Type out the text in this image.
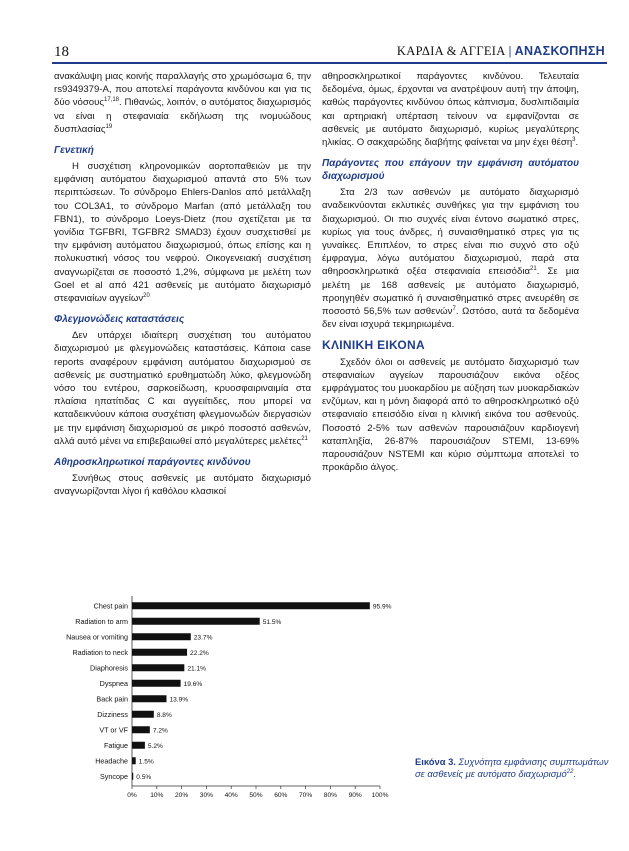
18	ΚΑΡΔΙΑ & ΑΓΓΕΙΑ | ΑΝΑΣΚΟΠΗΣΗ

ανακάλυψη μιας κοινής παραλλαγής στο χρωμόσωμα 6, την rs9349379-A, που αποτελεί παράγοντα κινδύνου και για τις δύο νόσους$^{17,18}$. Πιθανώς, λοιπόν, ο αυτόματος διαχωρισμός να είναι η στεφανιαία εκδήλωση της ινομυώδους δυσπλασίας$^{19}$

Γενετική

Η συσχέτιση κληρονομικών αορτοπαθειών με την εμφάνιση αυτόματου διαχωρισμού απαντά στο 5% των περιπτώσεων. Το σύνδρομο Ehlers-Danlos από μετάλλαξη του COL3A1, το σύνδρομο Marfan (από μετάλλαξη του FBN1), το σύνδρομο Loeys-Dietz (που σχετίζεται με τα γονίδια TGFBRI, TGFBR2 SMAD3) έχουν συσχετισθεί με την εμφάνιση αυτόματου διαχωρισμού, όπως επίσης και η πολυκυστική νόσος του νεφρού. Οικογενειακή συσχέτιση αναγνωρίζεται σε ποσοστό 1,2%, σύμφωνα με μελέτη των Goel et al από 421 ασθενείς με αυτόματο διαχωρισμό στεφανιαίων αγγείων$^{20}$

Φλεγμονώδεις καταστάσεις

Δεν υπάρχει ιδιαίτερη συσχέτιση του αυτόματου διαχωρισμού με φλεγμονώδεις καταστάσεις. Κάποια case reports αναφέρουν εμφάνιση αυτόματου διαχωρισμού σε ασθενείς με συστηματικό ερυθηματώδη λύκο, φλεγμονώδη νόσο του εντέρου, σαρκοείδωση, κρυοσφαιριναιμία στα πλαίσια ηπατίτιδας C και αγγειίτιδες, που μπορεί να καταδεικνύουν κάποια συσχέτιση φλεγμονωδών διεργασιών με την εμφάνιση διαχωρισμού σε μικρό ποσοστό ασθενών, αλλά αυτό μένει να επιβεβαιωθεί από μεγαλύτερες μελέτες$^{21}$

Αθηροσκληρωτικοί παράγοντες κινδύνου

Συνήθως στους ασθενείς με αυτόματο διαχωρισμό αναγνωρίζονται λίγοι ή καθόλου κλασικοί

αθηροσκληρωτικοί παράγοντες κινδύνου. Τελευταία δεδομένα, όμως, έρχονται να ανατρέψουν αυτή την άποψη, καθώς παράγοντες κινδύνου όπως κάπνισμα, δυσλιπιδαιμία και αρτηριακή υπέρταση τείνουν να εμφανίζονται σε ασθενείς με αυτόματο διαχωρισμό, κυρίως μεγαλύτερης ηλικίας. Ο σακχαρώδης διαβήτης φαίνεται να μην έχει θέση$^3$.

Παράγοντες που επάγουν την εμφάνιση αυτόματου διαχωρισμού

Στα 2/3 των ασθενών με αυτόματο διαχωρισμό αναδεικνύονται εκλυτικές συνθήκες για την εμφάνιση του διαχωρισμού. Οι πιο συχνές είναι έντονο σωματικό στρες, κυρίως για τους άνδρες, ή συναισθηματικό στρες για τις γυναίκες. Επιπλέον, το στρες είναι πιο συχνό στο οξύ έμφραγμα, λόγω αυτόματου διαχωρισμού, παρά στα αθηροσκληρωτικά οξέα στεφανιαία επεισόδια$^{21}$. Σε μια μελέτη με 168 ασθενείς με αυτόματο διαχωρισμό, προηγηθέν σωματικό ή συναισθηματικό στρες ανευρέθη σε ποσοστό 56,5% των ασθενών$^7$. Ωστόσο, αυτά τα δεδομένα δεν είναι ισχυρά τεκμηριωμένα.

ΚΛΙΝΙΚΗ ΕΙΚΟΝΑ

Σχεδόν όλοι οι ασθενείς με αυτόματο διαχωρισμό των στεφανιαίων αγγείων παρουσιάζουν εικόνα οξέος εμφράγματος του μυοκαρδίου με αύξηση των μυοκαρδιακών ενζύμων, και η μόνη διαφορά από το αθηροσκληρωτικό οξύ στεφανιαίο επεισόδιο είναι η κλινική εικόνα του ασθενούς. Ποσοστό 2-5% των ασθενών παρουσιάζουν καρδιογενή καταπληξία, 26-87% παρουσιάζουν STEMI, 13-69% παρουσιάζουν NSTEMI και κύριο σύμπτωμα αποτελεί το προκάρδιο άλγος.

Chest pain	95.9%
Radiation to arm	51.5%
Nausea or vomiting	23.7%
Radiation to neck	22.2%
Diaphoresis	21.1%
Dyspnea	19.6%
Back pain	13.9%
Dizziness	8.8%
VT or VF	7.2%
Fatigue	5.2%
Headache 1.5%
Syncope 0.5%
0% 10% 20% 30% 40% 50% 60% 70% 80% 90% 100%
Εικόνα 3. Συχνότητα εμφάνισης συμπτωμάτων σε ασθενείς με αυτόματο διαχωρισμό$^{22}$.
